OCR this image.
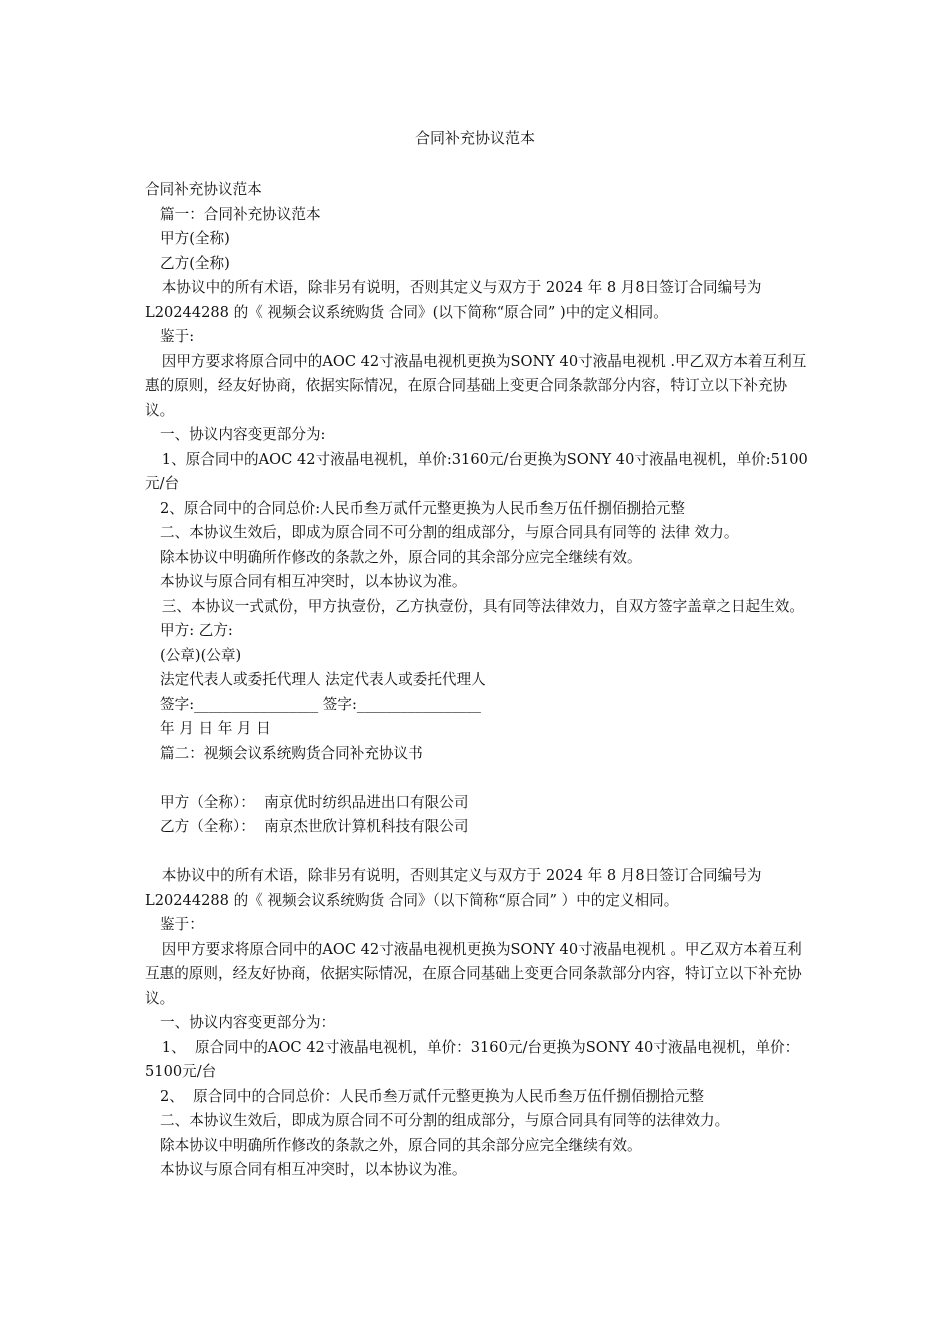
合同补充协议范本

合同补充协议范本

篇一：合同补充协议范本

甲方(全称)

乙方(全称)

本协议中的所有术语，除非另有说明，否则其定义与双方于 2024 年 8 月8日签订合同编号为 L20244288 的《 视频会议系统购货 合同》(以下简称“原合同” )中的定义相同。

鉴于:

因甲方要求将原合同中的AOC 42寸液晶电视机更换为SONY 40寸液晶电视机 .甲乙双方本着互利互惠的原则，经友好协商，依据实际情况，在原合同基础上变更合同条款部分内容，特订立以下补充协议。

一、协议内容变更部分为:

1、原合同中的AOC 42寸液晶电视机，单价:3160元/台更换为SONY 40寸液晶电视机，单价:5100元/台

2、原合同中的合同总价:人民币叁万贰仟元整更换为人民币叁万伍仟捌佰捌拾元整

二、本协议生效后，即成为原合同不可分割的组成部分，与原合同具有同等的 法律 效力。

除本协议中明确所作修改的条款之外，原合同的其余部分应完全继续有效。

本协议与原合同有相互冲突时，以本协议为准。

三、本协议一式贰份，甲方执壹份，乙方执壹份，具有同等法律效力，自双方签字盖章之日起生效。

甲方: 乙方:

(公章)(公章)

法定代表人或委托代理人 法定代表人或委托代理人

签字:_________________ 签字:_________________

年 月 日 年 月 日

篇二：视频会议系统购货合同补充协议书

甲方（全称）：  南京优时纺织品进出口有限公司

乙方（全称）：  南京杰世欣计算机科技有限公司

本协议中的所有术语，除非另有说明，否则其定义与双方于 2024 年 8 月8日签订合同编号为 L20244288 的《 视频会议系统购货 合同》（以下简称“原合同” ）中的定义相同。

鉴于：

因甲方要求将原合同中的AOC 42寸液晶电视机更换为SONY 40寸液晶电视机 。甲乙双方本着互利互惠的原则，经友好协商，依据实际情况，在原合同基础上变更合同条款部分内容，特订立以下补充协议。

一、协议内容变更部分为：

1、  原合同中的AOC 42寸液晶电视机，单价：3160元/台更换为SONY 40寸液晶电视机，单价：5100元/台

2、  原合同中的合同总价：人民币叁万贰仟元整更换为人民币叁万伍仟捌佰捌拾元整

二、本协议生效后，即成为原合同不可分割的组成部分，与原合同具有同等的法律效力。

除本协议中明确所作修改的条款之外，原合同的其余部分应完全继续有效。

本协议与原合同有相互冲突时，以本协议为准。
